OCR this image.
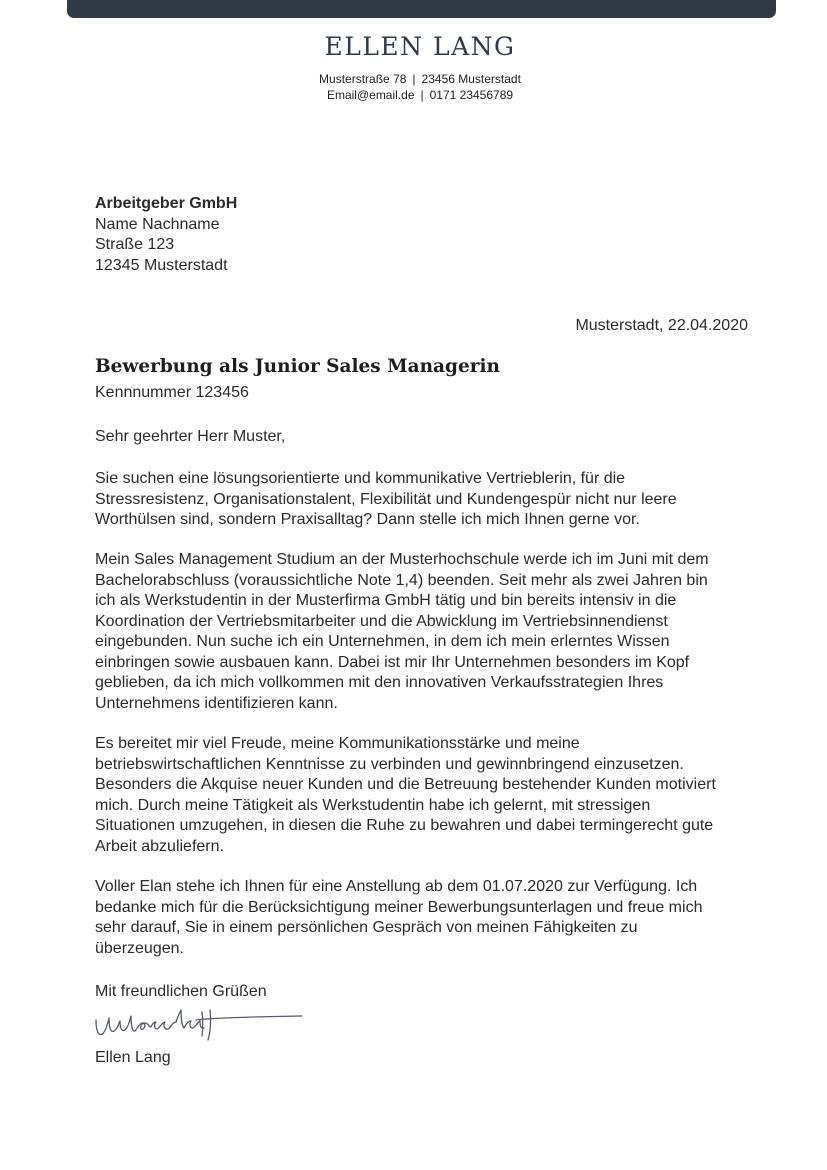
ELLEN LANG
Musterstraße 78 | 23456 Musterstadt
Email@email.de | 0171 23456789
Arbeitgeber GmbH
Name Nachname
Straße 123
12345 Musterstadt
Musterstadt, 22.04.2020
Bewerbung als Junior Sales Managerin
Kennnummer 123456
Sehr geehrter Herr Muster,
Sie suchen eine lösungsorientierte und kommunikative Vertrieblerin, für die
Stressresistenz, Organisationstalent, Flexibilität und Kundengespür nicht nur leere
Worthülsen sind, sondern Praxisalltag? Dann stelle ich mich Ihnen gerne vor.
Mein Sales Management Studium an der Musterhochschule werde ich im Juni mit dem
Bachelorabschluss (voraussichtliche Note 1,4) beenden. Seit mehr als zwei Jahren bin
ich als Werkstudentin in der Musterfirma GmbH tätig und bin bereits intensiv in die
Koordination der Vertriebsmitarbeiter und die Abwicklung im Vertriebsinnendienst
eingebunden. Nun suche ich ein Unternehmen, in dem ich mein erlerntes Wissen
einbringen sowie ausbauen kann. Dabei ist mir Ihr Unternehmen besonders im Kopf
geblieben, da ich mich vollkommen mit den innovativen Verkaufsstrategien Ihres
Unternehmens identifizieren kann.
Es bereitet mir viel Freude, meine Kommunikationsstärke und meine
betriebswirtschaftlichen Kenntnisse zu verbinden und gewinnbringend einzusetzen.
Besonders die Akquise neuer Kunden und die Betreuung bestehender Kunden motiviert
mich. Durch meine Tätigkeit als Werkstudentin habe ich gelernt, mit stressigen
Situationen umzugehen, in diesen die Ruhe zu bewahren und dabei termingerecht gute
Arbeit abzuliefern.
Voller Elan stehe ich Ihnen für eine Anstellung ab dem 01.07.2020 zur Verfügung. Ich
bedanke mich für die Berücksichtigung meiner Bewerbungsunterlagen und freue mich
sehr darauf, Sie in einem persönlichen Gespräch von meinen Fähigkeiten zu
überzeugen.
Mit freundlichen Grüßen
Ellen Lang
